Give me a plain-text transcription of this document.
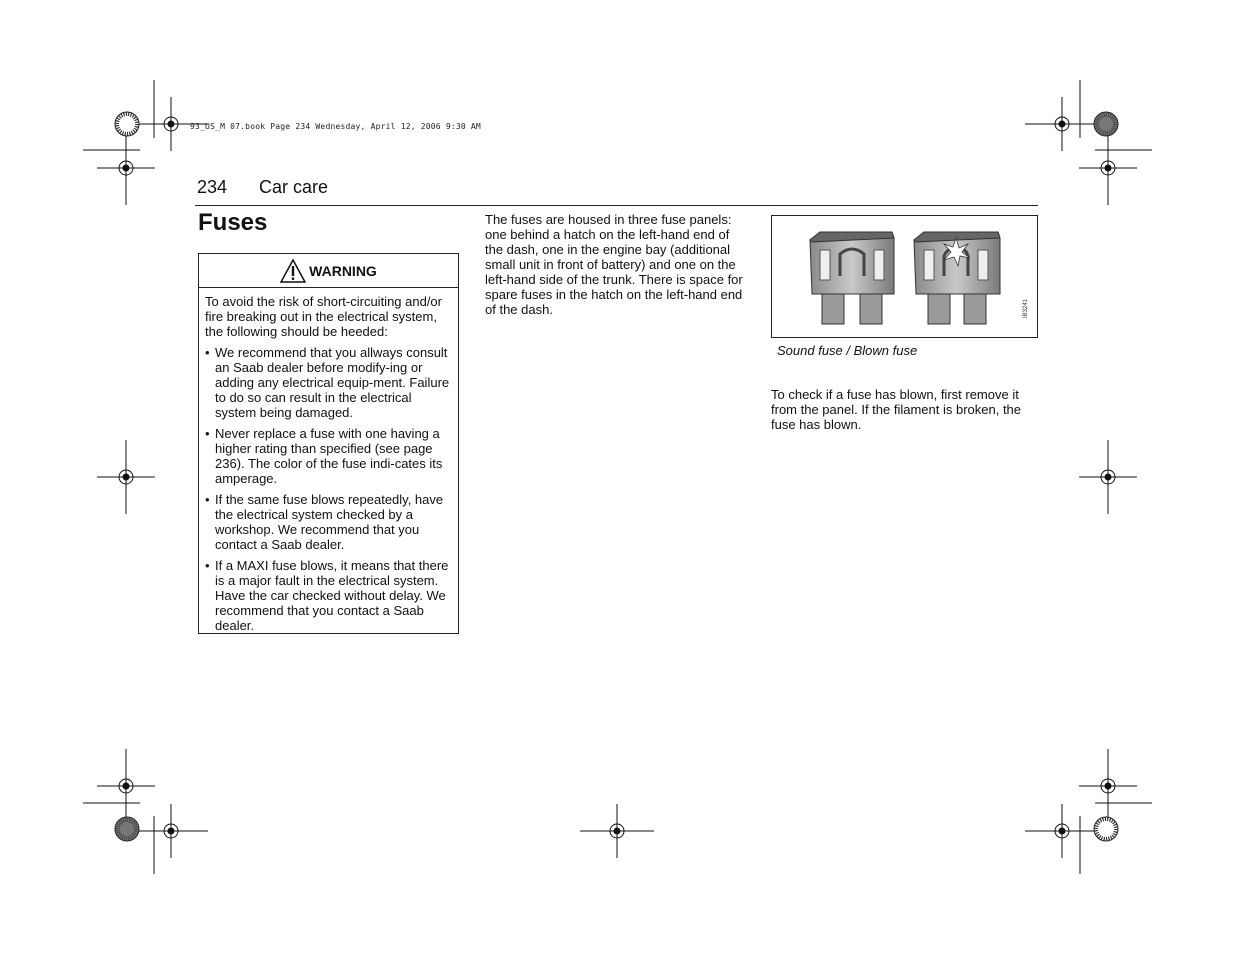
93_US_M 07.book Page 234 Wednesday, April 12, 2006 9:30 AM
234 Car care
Fuses
WARNING

To avoid the risk of short-circuiting and/or fire breaking out in the electrical system, the following should be heeded:

• We recommend that you allways consult an Saab dealer before modify-ing or adding any electrical equip-ment. Failure to do so can result in the electrical system being damaged.
• Never replace a fuse with one having a higher rating than specified (see page 236). The color of the fuse indi-cates its amperage.
• If the same fuse blows repeatedly, have the electrical system checked by a workshop. We recommend that you contact a Saab dealer.
• If a MAXI fuse blows, it means that there is a major fault in the electrical system. Have the car checked without delay. We recommend that you contact a Saab dealer.

The fuses are housed in three fuse panels: one behind a hatch on the left-hand end of the dash, one in the engine bay (additional small unit in front of battery) and one on the left-hand side of the trunk. There is space for spare fuses in the hatch on the left-hand end of the dash.	IB3241
Sound fuse / Blown fuse

To check if a fuse has blown, first remove it from the panel. If the filament is broken, the fuse has blown.
